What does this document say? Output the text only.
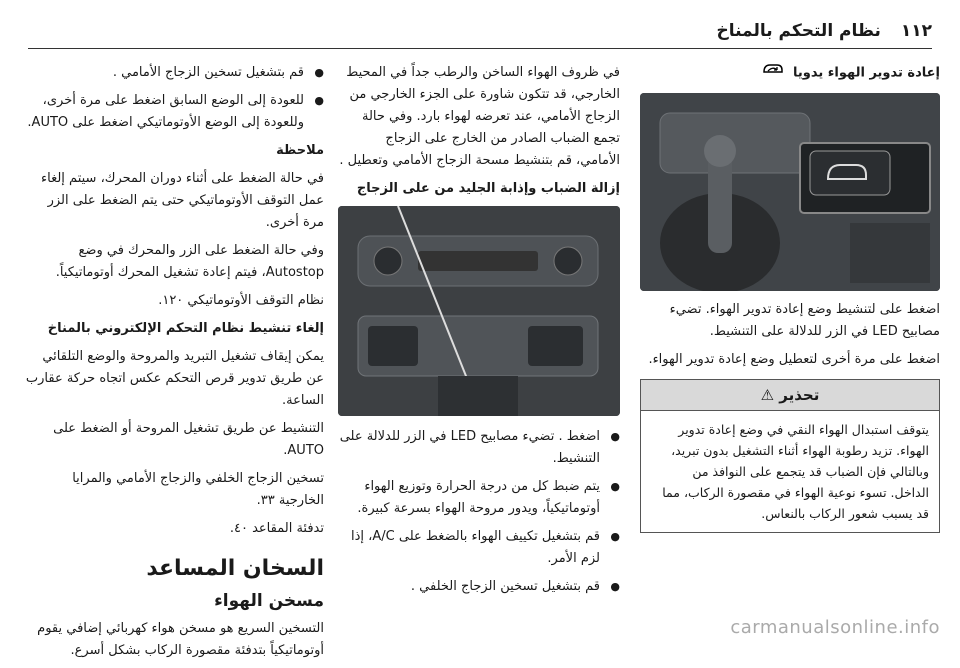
١١٢
نظام التحكم بالمناخ
إعادة تدوير الهواء يدويا

اضغط على لتنشيط وضع إعادة تدوير الهواء. تضيء مصابيح LED في الزر للدلالة على التنشيط.

اضغط على مرة أخرى لتعطيل وضع إعادة تدوير الهواء.

تحذير ⚠
يتوقف استبدال الهواء النقي في وضع إعادة تدوير الهواء. تزيد رطوبة الهواء أثناء التشغيل بدون تبريد، وبالتالي فإن الضباب قد يتجمع على النوافذ من الداخل. تسوء نوعية الهواء في مقصورة الركاب، مما قد يسبب شعور الركاب بالنعاس.

في ظروف الهواء الساخن والرطب جداً في المحيط الخارجي، قد تتكون شاورة على الجزء الخارجي من الزجاج الأمامي، عند تعرضه لهواء بارد. وفي حالة تجمع الضباب الصادر من الخارج على الزجاج الأمامي، قم بتنشيط مسحة الزجاج الأمامي وتعطيل .

إزالة الضباب وإذابة الجليد من على الزجاج

● اضغط . تضيء مصابيح LED في الزر للدلالة على التنشيط.
● يتم ضبط كل من درجة الحرارة وتوزيع الهواء أوتوماتيكياً، ويدور مروحة الهواء بسرعة كبيرة.
● قم بتشغيل تكييف الهواء بالضغط على A/C، إذا لزم الأمر.
● قم بتشغيل تسخين الزجاج الخلفي .
● قم بتشغيل تسخين الزجاج الأمامي .
● للعودة إلى الوضع السابق اضغط على مرة أخرى، وللعودة إلى الوضع الأوتوماتيكي اضغط على AUTO.

ملاحظة

في حالة الضغط على أثناء دوران المحرك، سيتم إلغاء عمل التوقف الأوتوماتيكي حتى يتم الضغط على الزر مرة أخرى.

وفي حالة الضغط على الزر والمحرك في وضع Autostop، فيتم إعادة تشغيل المحرك أوتوماتيكياً.

نظام التوقف الأوتوماتيكي ١٢٠.

إلغاء تنشيط نظام التحكم الإلكتروني بالمناخ

يمكن إيقاف تشغيل التبريد والمروحة والوضع التلقائي عن طريق تدوير قرص التحكم عكس اتجاه حركة عقارب الساعة.

التنشيط عن طريق تشغيل المروحة أو الضغط على AUTO.

تسخين الزجاج الخلفي والزجاج الأمامي والمرايا الخارجية ٣٣.

تدفئة المقاعد ٤٠.

السخان المساعد
مسخن الهواء

التسخين السريع هو مسخن هواء كهربائي إضافي يقوم أوتوماتيكياً بتدفئة مقصورة الركاب بشكل أسرع.

carmanualsonline.info
